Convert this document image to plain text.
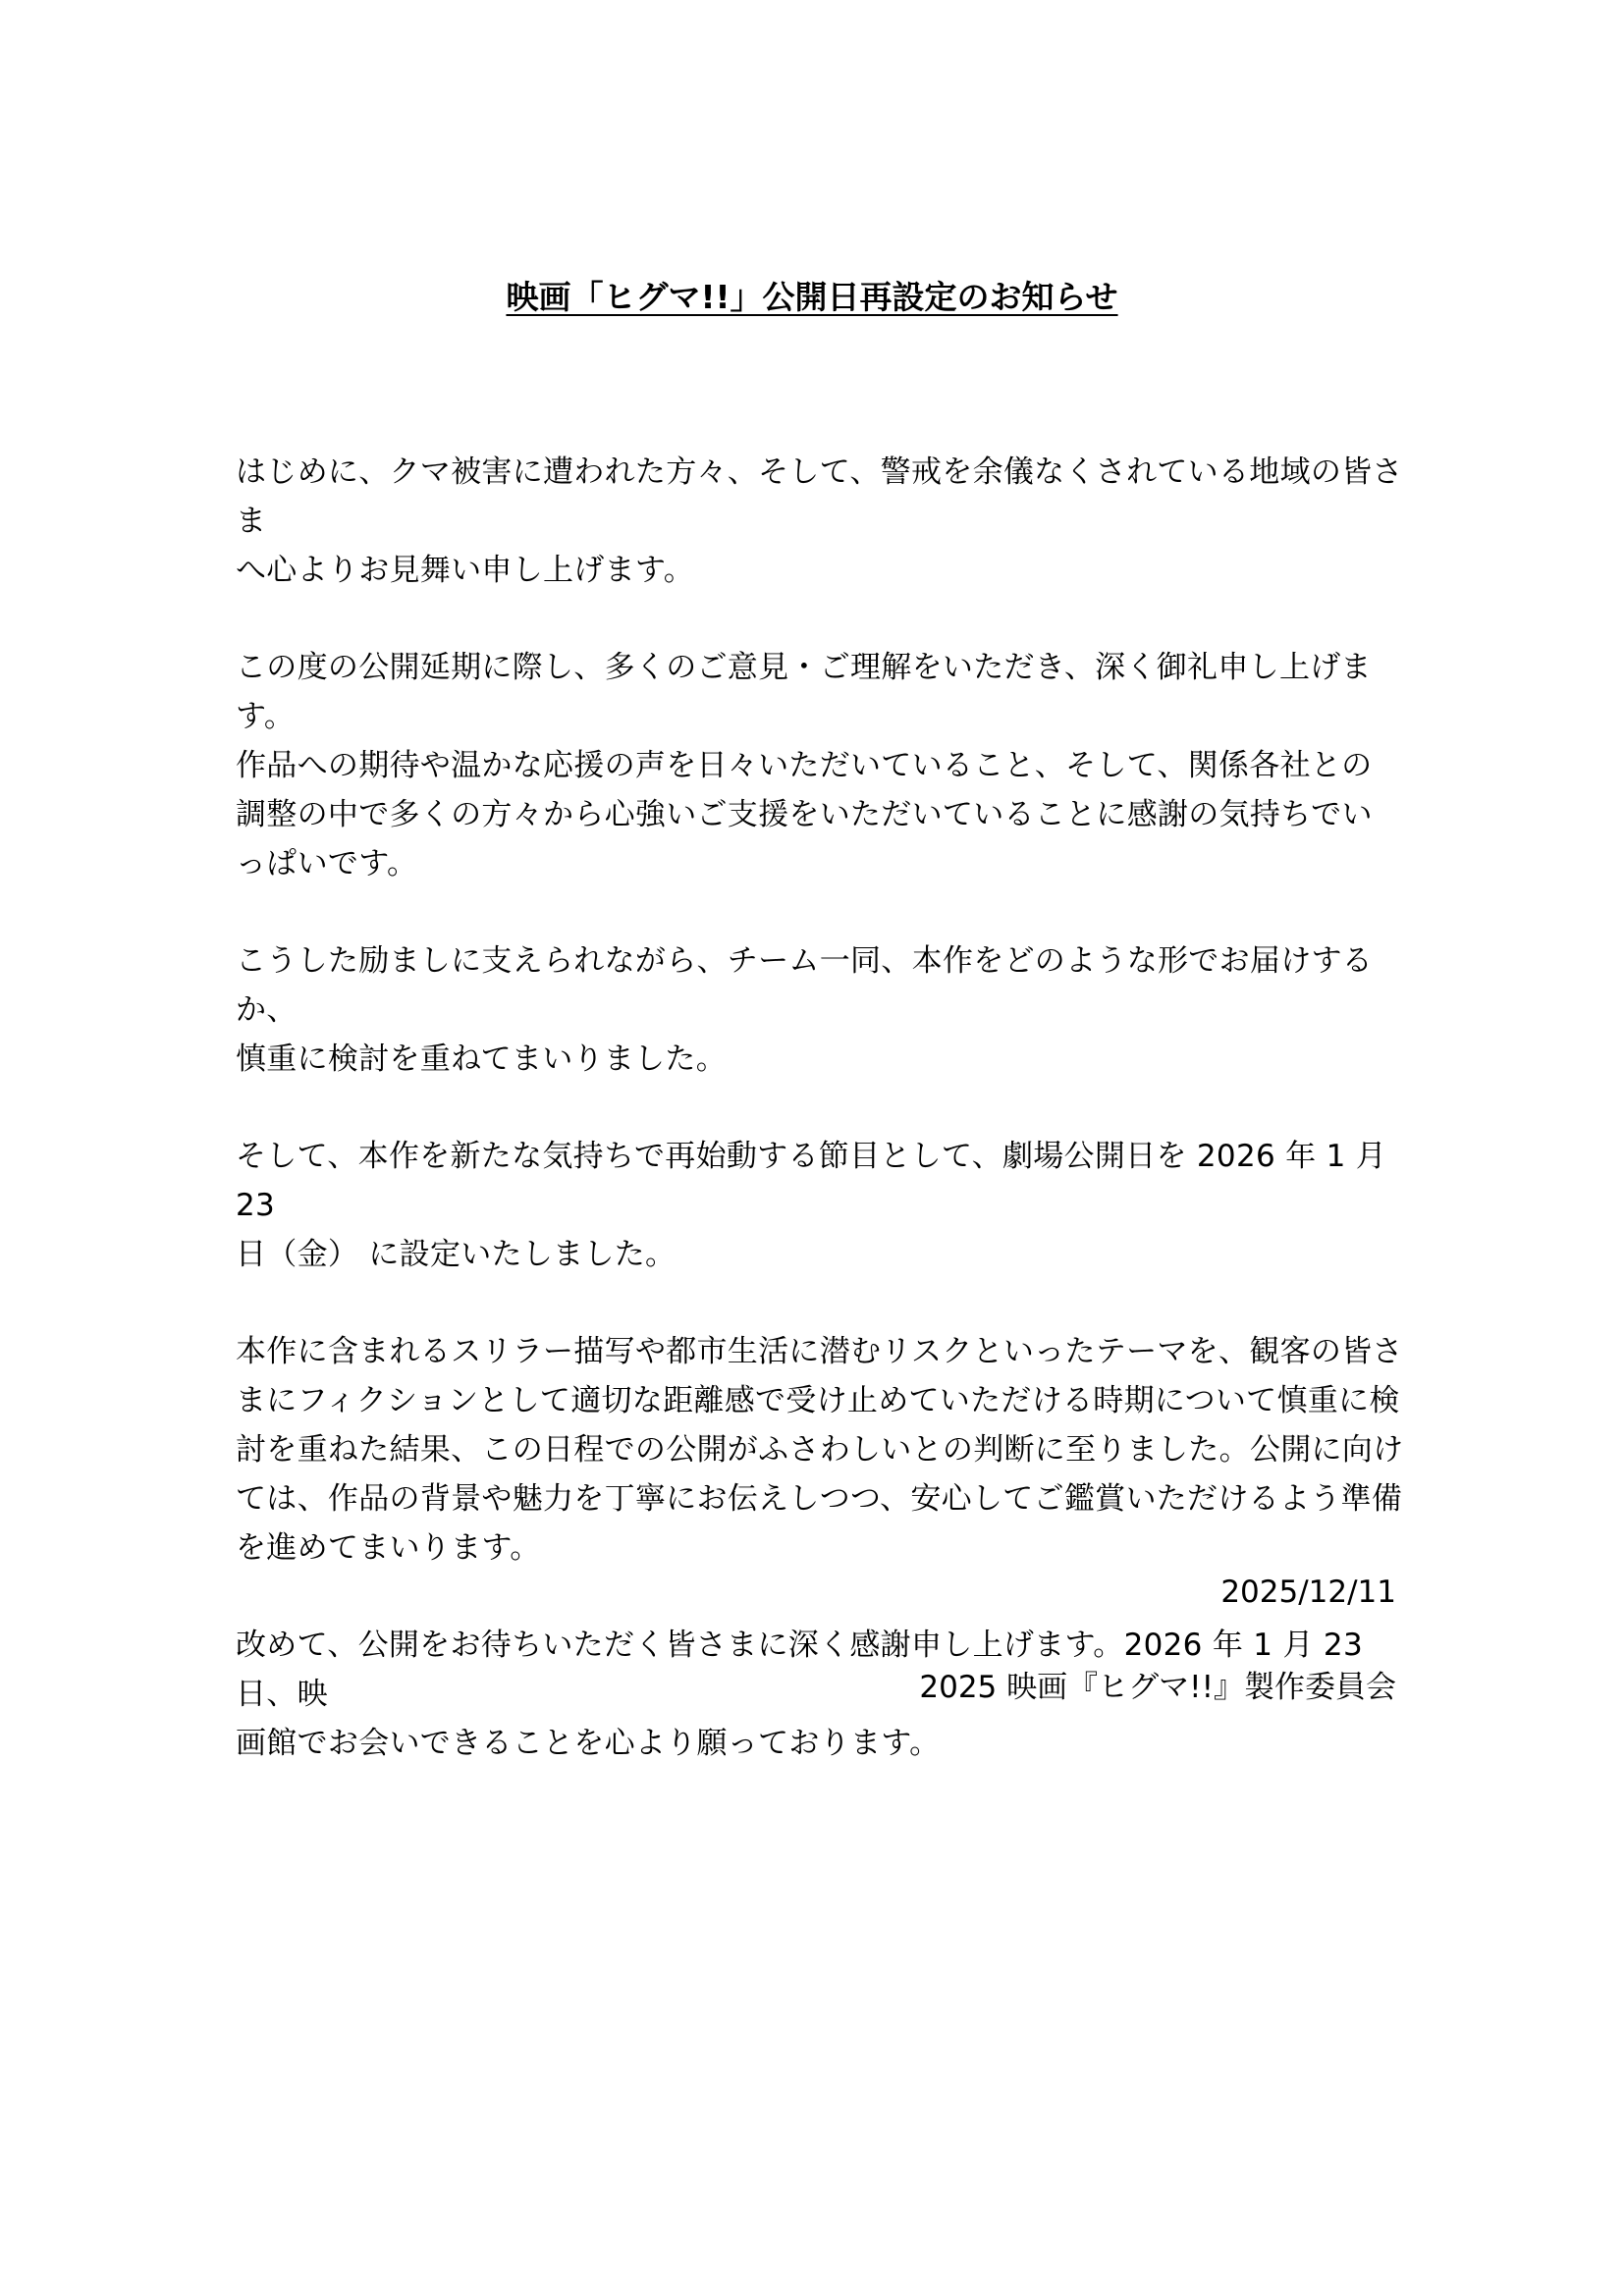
映画「ヒグマ!!」公開日再設定のお知らせ

はじめに、クマ被害に遭われた方々、そして、警戒を余儀なくされている地域の皆さま
へ心よりお見舞い申し上げます。

この度の公開延期に際し、多くのご意見・ご理解をいただき、深く御礼申し上げます。
作品への期待や温かな応援の声を日々いただいていること、そして、関係各社との
調整の中で多くの方々から心強いご支援をいただいていることに感謝の気持ちでい
っぱいです。

こうした励ましに支えられながら、チーム一同、本作をどのような形でお届けするか、
慎重に検討を重ねてまいりました。

そして、本作を新たな気持ちで再始動する節目として、劇場公開日を 2026 年 1 月 23
日（金） に設定いたしました。

本作に含まれるスリラー描写や都市生活に潜むリスクといったテーマを、観客の皆さ
まにフィクションとして適切な距離感で受け止めていただける時期について慎重に検
討を重ねた結果、この日程での公開がふさわしいとの判断に至りました。公開に向け
ては、作品の背景や魅力を丁寧にお伝えしつつ、安心してご鑑賞いただけるよう準備
を進めてまいります。

改めて、公開をお待ちいただく皆さまに深く感謝申し上げます。2026 年 1 月 23 日、映
画館でお会いできることを心より願っております。

2025/12/11

2025 映画『ヒグマ!!』製作委員会
